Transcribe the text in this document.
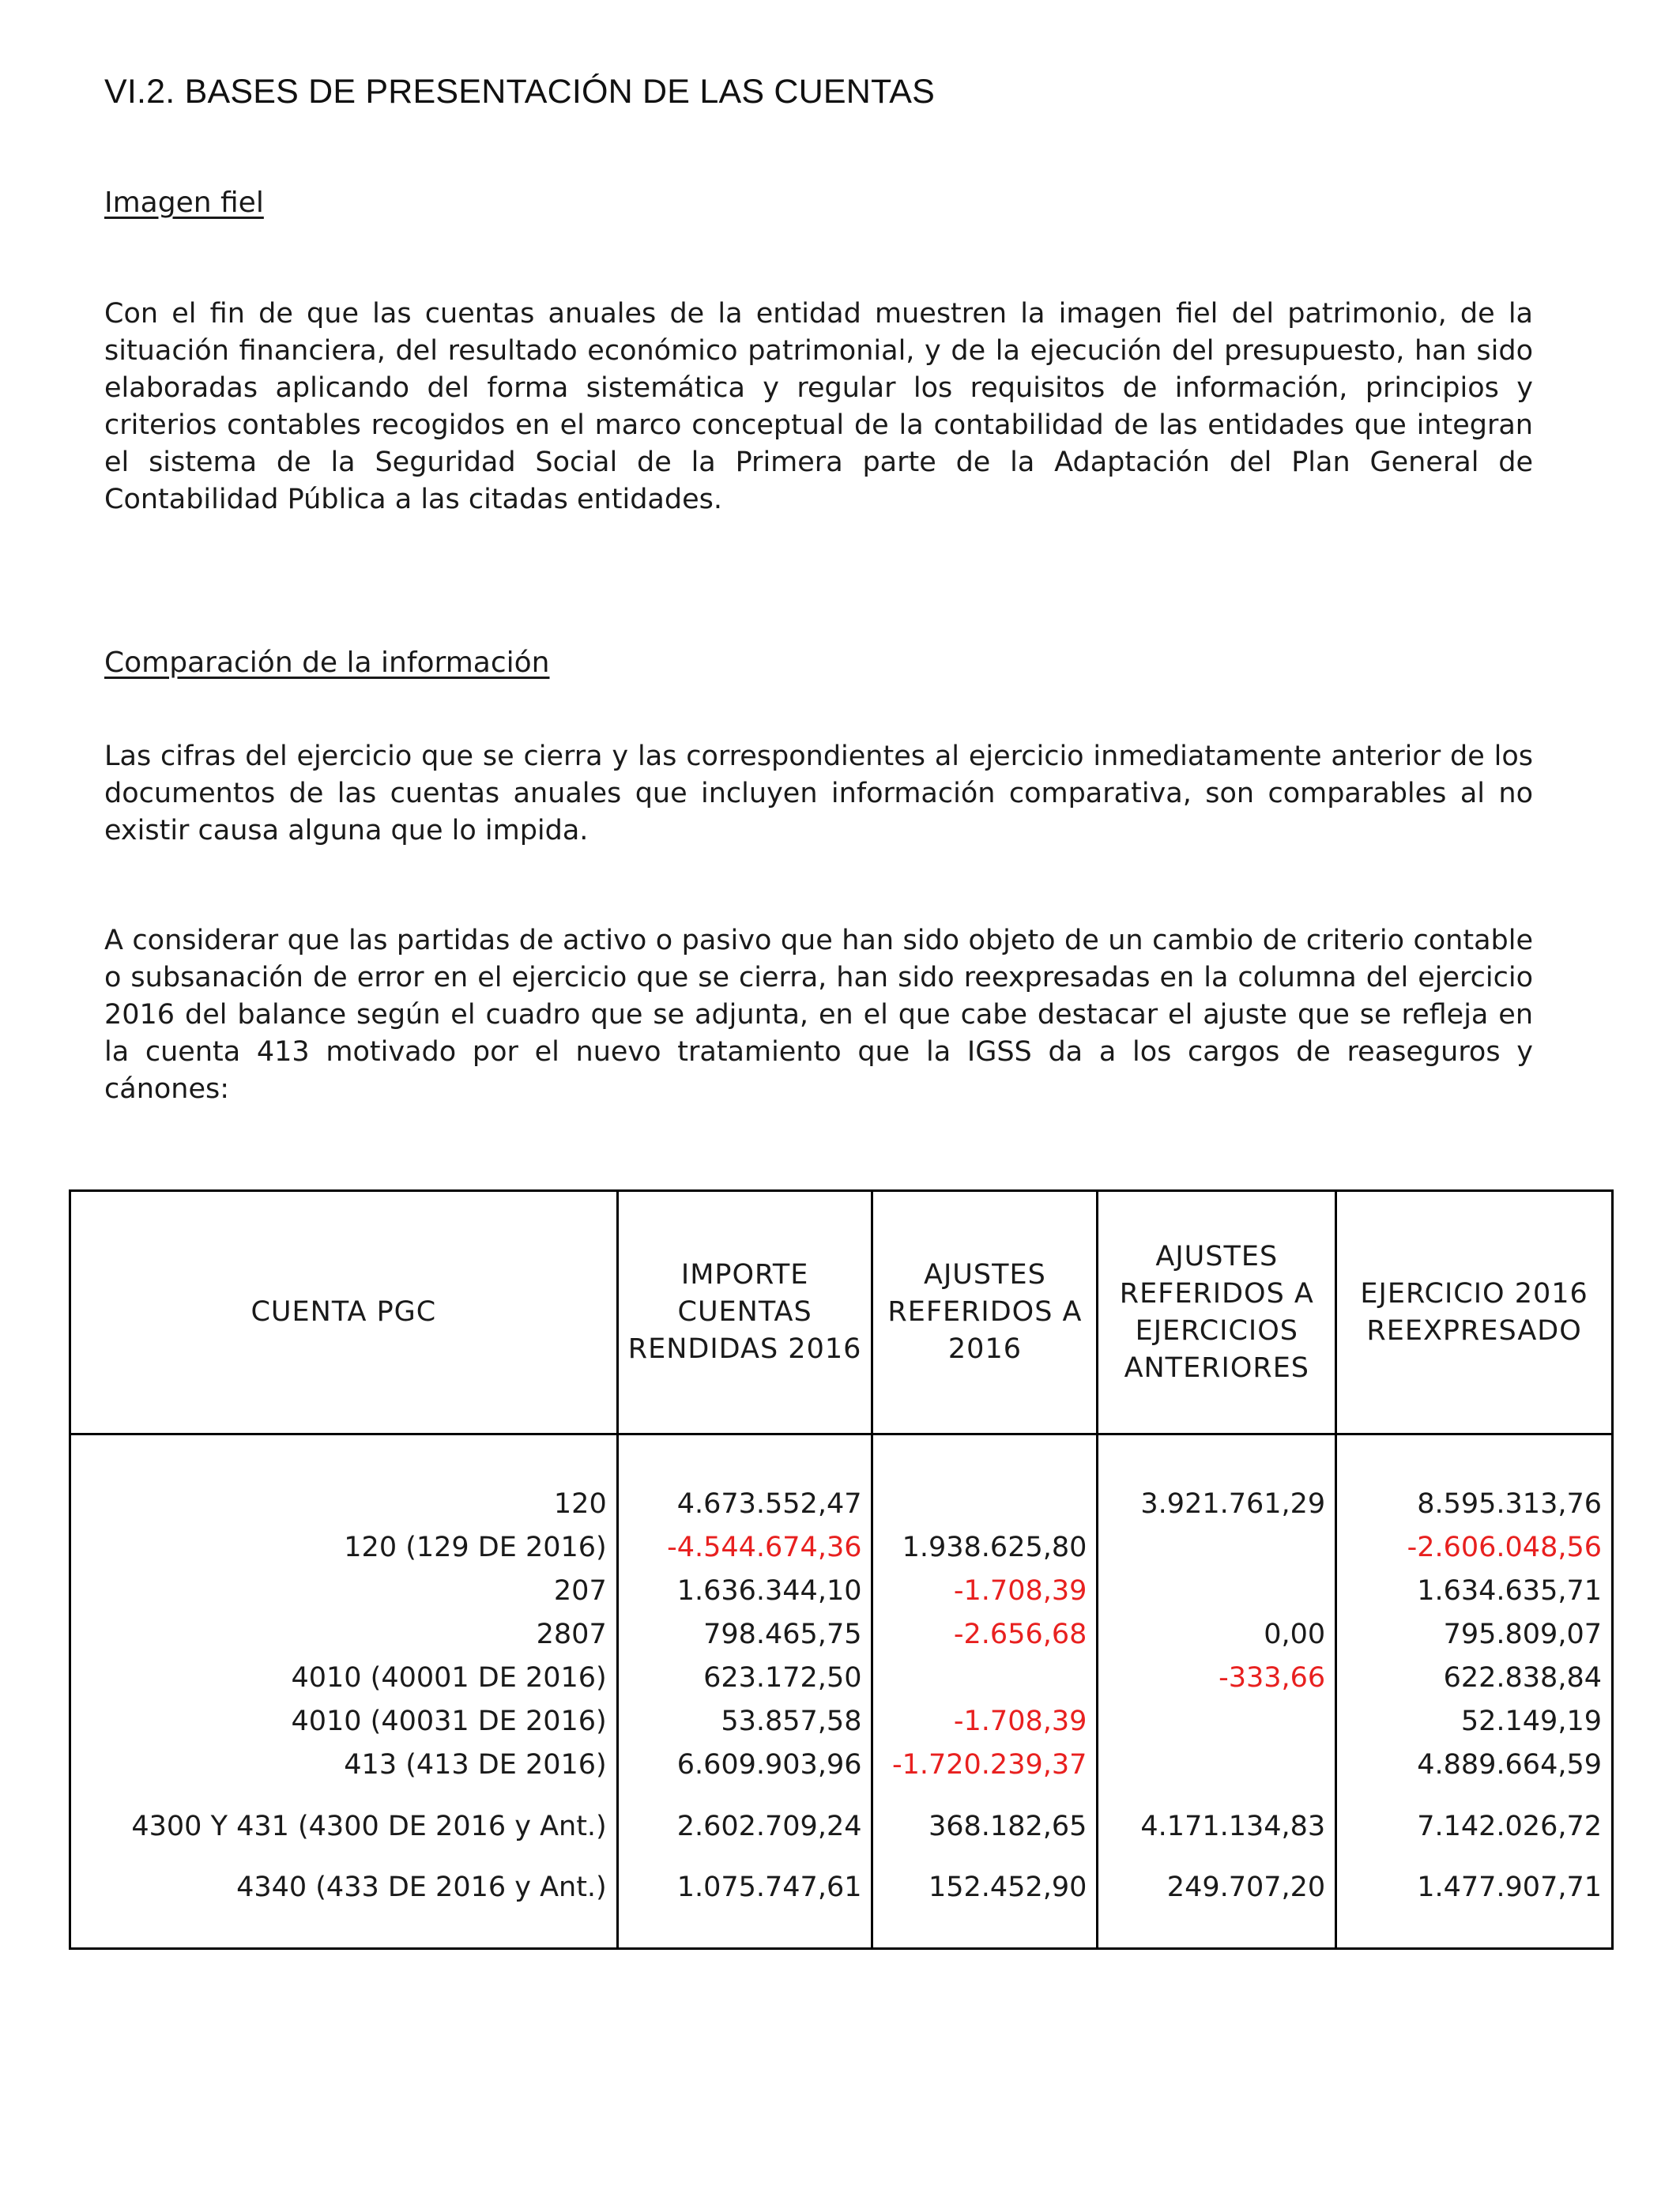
VI.2. BASES DE PRESENTACIÓN DE LAS CUENTAS
Imagen fiel

Con el fin de que las cuentas anuales de la entidad muestren la imagen fiel del patrimonio, de la situación financiera, del resultado económico patrimonial, y de la ejecución del presupuesto, han sido elaboradas aplicando del forma sistemática y regular los requisitos de información, principios y criterios contables recogidos en el marco conceptual de la contabilidad de las entidades que integran el sistema de la Seguridad Social de la Primera parte de la Adaptación del Plan General de Contabilidad Pública a las citadas entidades.

Comparación de la información

Las cifras del ejercicio que se cierra y las correspondientes al ejercicio inmediatamente anterior de los documentos de las cuentas anuales que incluyen información comparativa, son comparables al no existir causa alguna que lo impida.

A considerar que las partidas de activo o pasivo que han sido objeto de un cambio de criterio contable o subsanación de error en el ejercicio que se cierra, han sido reexpresadas en la columna del ejercicio 2016 del balance según el cuadro que se adjunta, en el que cabe destacar el ajuste que se refleja en la cuenta 413 motivado por el nuevo tratamiento que la IGSS da a los cargos de reaseguros y cánones:

CUENTA PGC	IMPORTE CUENTAS RENDIDAS 2016	AJUSTES REFERIDOS A 2016	AJUSTES REFERIDOS A EJERCICIOS ANTERIORES	EJERCICIO 2016 REEXPRESADO

120	4.673.552,47		3.921.761,29	8.595.313,76
120 (129 DE 2016)	-4.544.674,36	1.938.625,80		-2.606.048,56
207	1.636.344,10	-1.708,39		1.634.635,71
2807	798.465,75	-2.656,68	0,00	795.809,07
4010 (40001 DE 2016)	623.172,50		-333,66	622.838,84
4010 (40031 DE 2016)	53.857,58	-1.708,39		52.149,19
413 (413 DE 2016)	6.609.903,96	-1.720.239,37		4.889.664,59
4300 Y 431 (4300 DE 2016 y Ant.)	2.602.709,24	368.182,65	4.171.134,83	7.142.026,72
4340 (433 DE 2016 y Ant.)	1.075.747,61	152.452,90	249.707,20	1.477.907,71
